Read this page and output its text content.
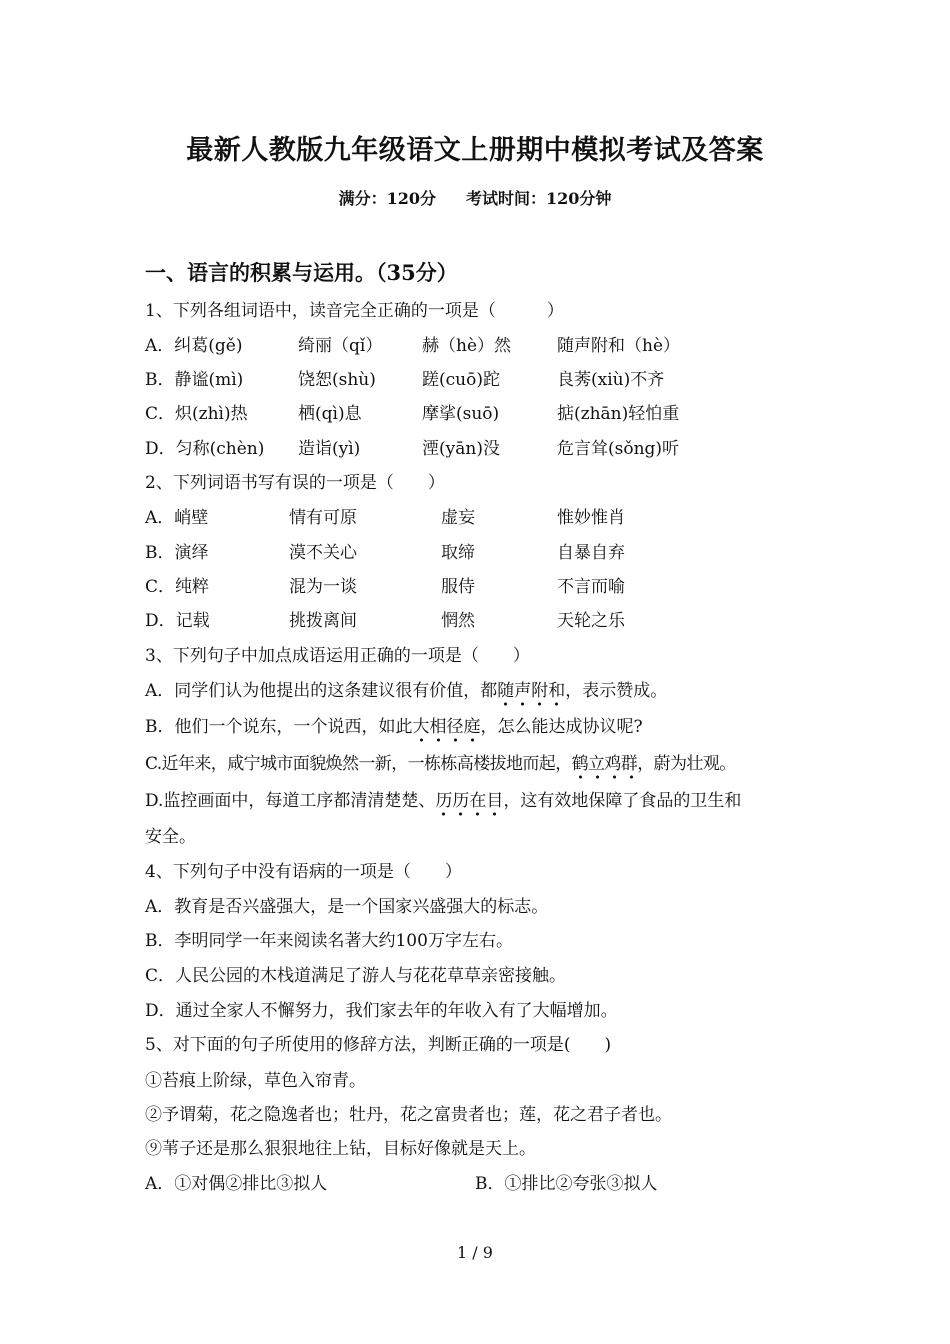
最新人教版九年级语文上册期中模拟考试及答案
满分：120分 考试时间：120分钟
一、语言的积累与运用。（35分）
1、下列各组词语中，读音完全正确的一项是（　　　）
A．纠葛(gě)	绮丽（qǐ） 赫（hè）然	随声附和（hè）
B．静谧(mì)	饶恕(shù)	蹉(cuō)跎	良莠(xiù)不齐
C．炽(zhì)热	栖(qì)息	摩挲(suō)	掂(zhān)轻怕重
D．匀称(chèn) 造诣(yì)	湮(yān)没	危言耸(sǒng)听
2、下列词语书写有误的一项是（　　）
A．峭壁	情有可原	虚妄	惟妙惟肖
B．演绎	漠不关心	取缔	自暴自弃
C．纯粹	混为一谈	服侍	不言而喻
D．记载	挑拨离间	惘然	天轮之乐
3、下列句子中加点成语运用正确的一项是（　　）
A．同学们认为他提出的这条建议很有价值，都随声附和，表示赞成。
B．他们一个说东，一个说西，如此大相径庭，怎么能达成协议呢?
C.近年来，咸宁城市面貌焕然一新，一栋栋高楼拔地而起，鹤立鸡群，蔚为壮观。
D.监控画面中，每道工序都清清楚楚、历历在目，这有效地保障了食品的卫生和
安全。
4、下列句子中没有语病的一项是（　　）
A．教育是否兴盛强大，是一个国家兴盛强大的标志。
B．李明同学一年来阅读名著大约100万字左右。
C．人民公园的木栈道满足了游人与花花草草亲密接触。
D．通过全家人不懈努力，我们家去年的年收入有了大幅增加。
5、对下面的句子所使用的修辞方法，判断正确的一项是(　　)
①苔痕上阶绿，草色入帘青。
②予谓菊，花之隐逸者也；牡丹，花之富贵者也；莲，花之君子者也。
⑨苇子还是那么狠狠地往上钻，目标好像就是天上。
A．①对偶②排比③拟人	B．①排比②夸张③拟人
1 / 9
